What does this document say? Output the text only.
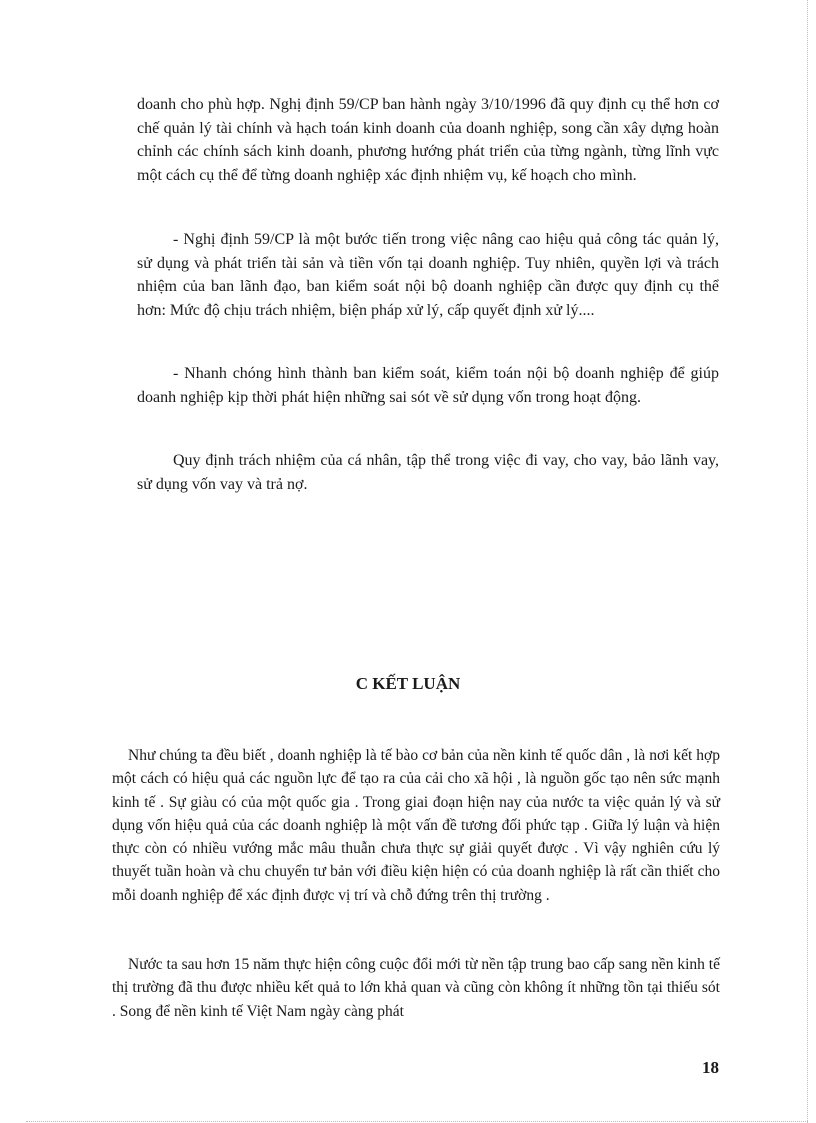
doanh cho phù hợp. Nghị định 59/CP ban hành ngày 3/10/1996 đã quy định cụ thể hơn cơ chế quản lý tài chính và hạch toán kinh doanh của doanh nghiệp, song cần xây dựng hoàn chỉnh các chính sách kinh doanh, phương hướng phát triển của từng ngành, từng lĩnh vực một cách cụ thể để từng doanh nghiệp xác định nhiệm vụ, kế hoạch cho mình.

- Nghị định 59/CP là một bước tiến trong việc nâng cao hiệu quả công tác quản lý, sử dụng và phát triển tài sản và tiền vốn tại doanh nghiệp. Tuy nhiên, quyền lợi và trách nhiệm của ban lãnh đạo, ban kiểm soát nội bộ doanh nghiệp cần được quy định cụ thể hơn: Mức độ chịu trách nhiệm, biện pháp xử lý, cấp quyết định xử lý....

- Nhanh chóng hình thành ban kiểm soát, kiểm toán nội bộ doanh nghiệp để giúp doanh nghiệp kịp thời phát hiện những sai sót về sử dụng vốn trong hoạt động.

Quy định trách nhiệm của cá nhân, tập thể trong việc đi vay, cho vay, bảo lãnh vay, sử dụng vốn vay và trả nợ.

C KẾT LUẬN

Như chúng ta đều biết , doanh nghiệp là tế bào cơ bản của nền kinh tế quốc dân , là nơi kết hợp một cách có hiệu quả các nguồn lực để tạo ra của cải cho xã hội , là nguồn gốc tạo nên sức mạnh kinh tế . Sự giàu có của một quốc gia . Trong giai đoạn hiện nay của nước ta việc quản lý và sử dụng vốn hiệu quả của các doanh nghiệp là một vấn đề tương đối phức tạp . Giữa lý luận và hiện thực còn có nhiều vướng mắc mâu thuẫn chưa thực sự giải quyết được . Vì vậy nghiên cứu lý thuyết tuần hoàn và chu chuyển tư bản với điều kiện hiện có của doanh nghiệp là rất cần thiết cho mỗi doanh nghiệp để xác định được vị trí và chỗ đứng trên thị trường .

Nước ta sau hơn 15 năm thực hiện công cuộc đổi mới từ nền tập trung bao cấp sang nền kinh tế thị trường đã thu được nhiều kết quả to lớn khả quan và cũng còn không ít những tồn tại thiếu sót . Song để nền kinh tế Việt Nam ngày càng phát

18
